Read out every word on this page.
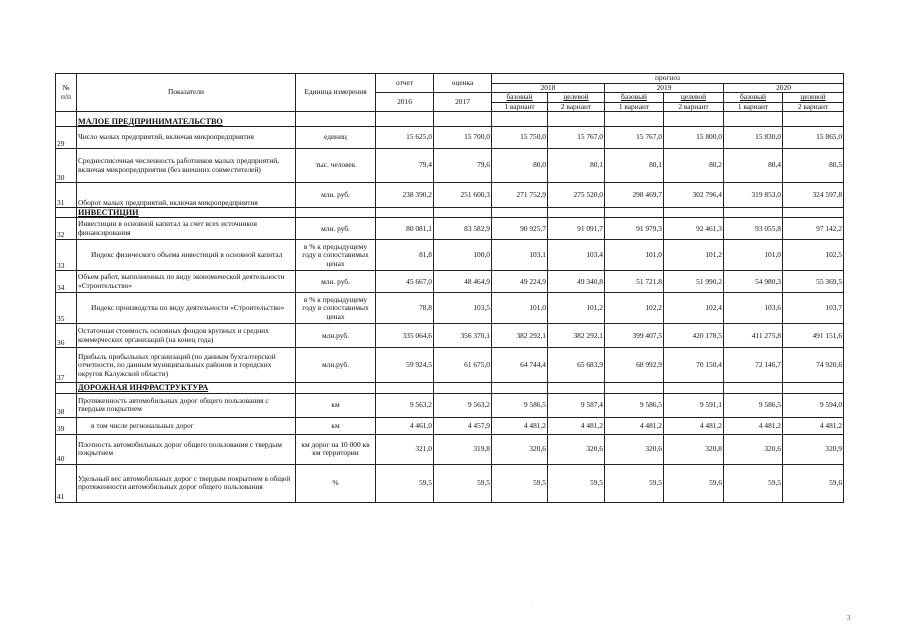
№
п/п	Показатели	Единица измерения	отчет	оценка	прогноз					
					2018		2019		2020	
			2016	2017	базовый	целевой	базовый	целевой	базовый	целевой
					1 вариант	2 вариант	1 вариант	2 вариант	1 вариант	2 вариант
	МАЛОЕ ПРЕДПРИНИМАТЕЛЬСТВО									
29	Число малых предприятий, включая микропредприятия	единиц	15 625,0	15 700,0	15 750,0	15 767,0	15 767,0	15 800,0	15 830,0	15 865,0
30	Среднесписочная численность работников малых предприятий, включая микропредприятия (без внешних совместителей)	тыс. человек	79,4	79,6	80,0	80,1	80,1	80,2	80,4	80,5
31	Оборот малых предприятий, включая микропредприятия	млн. руб.	238 390,2	251 600,3	271 752,9	275 520,0	298 469,7	302 796,4	319 853,0	324 597,8
	ИНВЕСТИЦИИ									
32	Инвестиции в основной капитал за счет всех источников финансирования	млн. руб.	80 081,1	83 582,9	90 925,7	91 091,7	91 979,3	92 461,3	93 055,8	97 142,2
33	Индекс физического объема инвестиций в основной капитал	в % к предыдущему году в сопоставимых ценах	81,8	100,0	103,1	103,4	101,0	101,2	101,0	102,5
34	Объем работ, выполненных по виду экономической деятельности «Строительство»	млн. руб.	45 667,0	48 464,9	49 224,9	49 340,8	51 721,8	51 990,2	54 980,3	55 369,5
35	Индекс производства по виду деятельности «Строительство»	в % к предыдущему году в сопоставимых ценах	78,8	103,5	101,0	101,2	102,2	102,4	103,6	103,7
36	Остаточная стоимость основных фондов крупных и средних коммерческих организаций (на конец года)	млн.руб.	335 064,6	356 370,1	382 292,1	382 292,1	399 407,5	420 178,5	411 275,8	491 151,6
37	Прибыль прибыльных организаций (по данным бухгалтерской отчетности, по данным муниципальных районов и городских округов Калужской области)	млн.руб.	59 924,5	61 675,0	64 744,4	65 683,9	68 992,9	70 150,4	72 146,7	74 920,6
	ДОРОЖНАЯ ИНФРАСТРУКТУРА									
38	Протяженность автомобильных дорог общего пользования с твердым покрытием	км	9 563,2	9 563,2	9 586,5	9 587,4	9 586,5	9 591,1	9 586,5	9 594,0
39	в том числе региональных дорог	км	4 461,0	4 457,9	4 481,2	4 481,2	4 481,2	4 481,2	4 481,2	4 481,2
40	Плотность автомобильных дорог общего пользования с твердым покрытием	км дорог на 10 000 кв км территории	321,0	319,8	320,6	320,6	320,6	320,8	320,6	320,9
41	Удельный вес автомобильных дорог с твердым покрытием в общей протяженности автомобильных дорог общего пользования	%	59,5	59,5	59,5	59,5	59,5	59,6	59,5	59,6
·
3
